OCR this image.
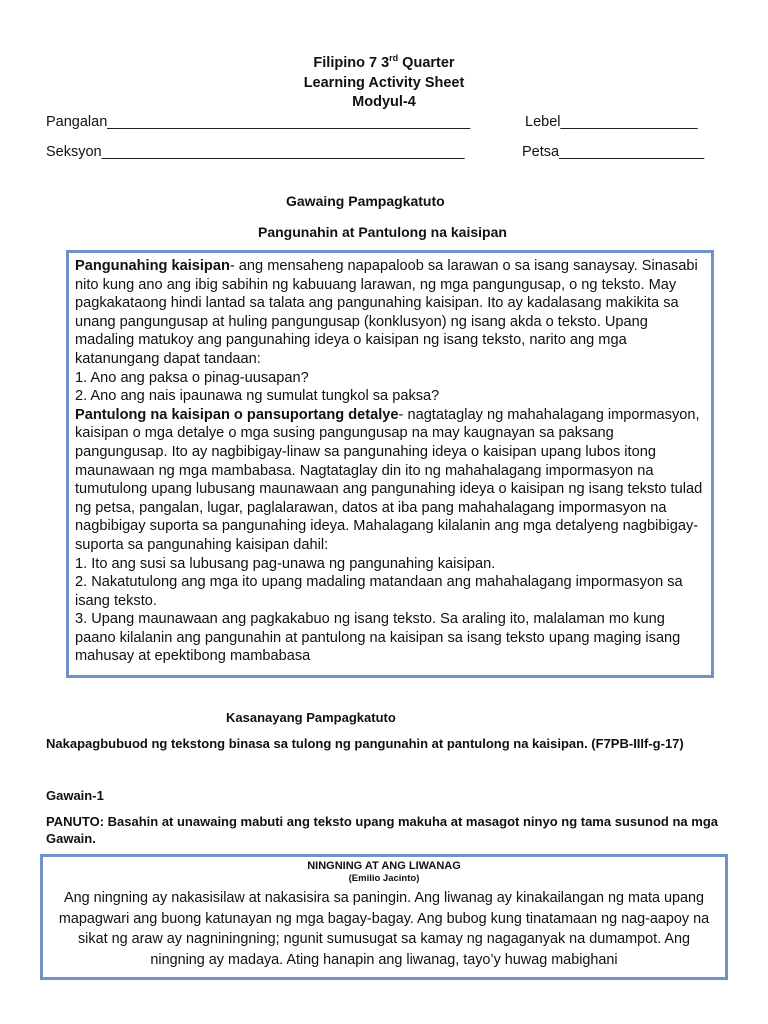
Filipino 7 3rd Quarter
Learning Activity Sheet
Modyul-4
Pangalan_____________________________________________	Lebel_________________
Seksyon_____________________________________________	Petsa__________________
Gawaing Pampagkatuto
Pangunahin at Pantulong na kaisipan

Pangunahing kaisipan- ang mensaheng napapaloob sa larawan o sa isang sanaysay. Sinasabi nito kung ano ang ibig sabihin ng kabuuang larawan, ng mga pangungusap, o ng teksto. May pagkakataong hindi lantad sa talata ang pangunahing kaisipan. Ito ay kadalasang makikita sa unang pangungusap at huling pangungusap (konklusyon) ng isang akda o teksto. Upang madaling matukoy ang pangunahing ideya o kaisipan ng isang teksto, narito ang mga katanungang dapat tandaan:

1. Ano ang paksa o pinag-uusapan?

2. Ano ang nais ipaunawa ng sumulat tungkol sa paksa?

Pantulong na kaisipan o pansuportang detalye- nagtataglay ng mahahalagang impormasyon, kaisipan o mga detalye o mga susing pangungusap na may kaugnayan sa paksang pangungusap. Ito ay nagbibigay-linaw sa pangunahing ideya o kaisipan upang lubos itong maunawaan ng mga mambabasa. Nagtataglay din ito ng mahahalagang impormasyon na tumutulong upang lubusang maunawaan ang pangunahing ideya o kaisipan ng isang teksto tulad ng petsa, pangalan, lugar, paglalarawan, datos at iba pang mahahalagang impormasyon na nagbibigay suporta sa pangunahing ideya. Mahalagang kilalanin ang mga detalyeng nagbibigay-suporta sa pangunahing kaisipan dahil:

1. Ito ang susi sa lubusang pag-unawa ng pangunahing kaisipan.

2. Nakatutulong ang mga ito upang madaling matandaan ang mahahalagang impormasyon sa isang teksto.

3. Upang maunawaan ang pagkakabuo ng isang teksto. Sa araling ito, malalaman mo kung paano kilalanin ang pangunahin at pantulong na kaisipan sa isang teksto upang maging isang mahusay at epektibong mambabasa

Kasanayang Pampagkatuto
Nakapagbubuod ng tekstong binasa sa tulong ng pangunahin at pantulong na kaisipan. (F7PB-IIIf-g-17)
Gawain-1
PANUTO: Basahin at unawaing mabuti ang teksto upang makuha at masagot ninyo ng tama susunod na mga Gawain.
NINGNING AT ANG LIWANAG
(Emilio Jacinto)
Ang ningning ay nakasisilaw at nakasisira sa paningin. Ang liwanag ay kinakailangan ng mata upang mapagwari ang buong katunayan ng mga bagay-bagay. Ang bubog kung tinatamaan ng nag-aapoy na sikat ng araw ay nagniningning; ngunit sumusugat sa kamay ng nagaganyak na dumampot. Ang ningning ay madaya. Ating hanapin ang liwanag, tayo’y huwag mabighani
